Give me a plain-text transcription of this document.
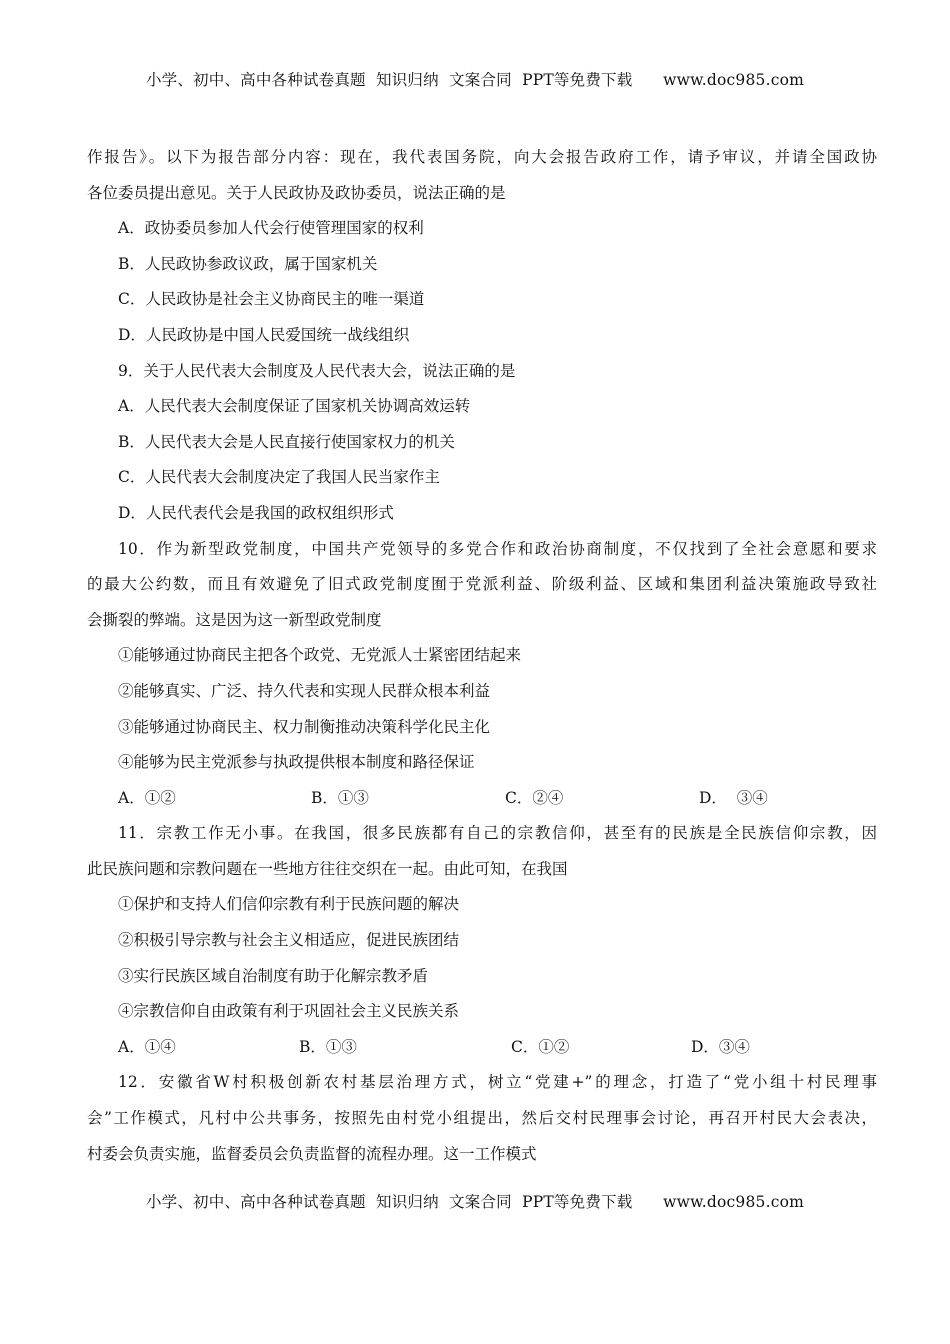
小学、初中、高中各种试卷真题  知识归纳  文案合同  PPT等免费下载      www.doc985.com
作报告》。以下为报告部分内容：现在，我代表国务院，向大会报告政府工作，请予审议，并请全国政协
各位委员提出意见。关于人民政协及政协委员，说法正确的是
A．政协委员参加人代会行使管理国家的权利
B．人民政协参政议政，属于国家机关
C．人民政协是社会主义协商民主的唯一渠道
D．人民政协是中国人民爱国统一战线组织
9．关于人民代表大会制度及人民代表大会，说法正确的是
A．人民代表大会制度保证了国家机关协调高效运转
B．人民代表大会是人民直接行使国家权力的机关
C．人民代表大会制度决定了我国人民当家作主
D．人民代表代会是我国的政权组织形式
10．作为新型政党制度，中国共产党领导的多党合作和政治协商制度，不仅找到了全社会意愿和要求
的最大公约数，而且有效避免了旧式政党制度囿于党派利益、阶级利益、区域和集团利益决策施政导致社
会撕裂的弊端。这是因为这一新型政党制度
①能够通过协商民主把各个政党、无党派人士紧密团结起来
②能够真实、广泛、持久代表和实现人民群众根本利益
③能够通过协商民主、权力制衡推动决策科学化民主化
④能够为民主党派参与执政提供根本制度和路径保证
A．①②	B．①③	C．②④	D．  ③④
11．宗教工作无小事。在我国，很多民族都有自己的宗教信仰，甚至有的民族是全民族信仰宗教，因
此民族问题和宗教问题在一些地方往往交织在一起。由此可知，在我国
①保护和支持人们信仰宗教有利于民族问题的解决
②积极引导宗教与社会主义相适应，促进民族团结
③实行民族区域自治制度有助于化解宗教矛盾
④宗教信仰自由政策有利于巩固社会主义民族关系
A．①④	B．①③	C．①②	D．③④
12．安徽省W村积极创新农村基层治理方式，树立“党建+”的理念，打造了“党小组十村民理事
会”工作模式，凡村中公共事务，按照先由村党小组提出，然后交村民理事会讨论，再召开村民大会表决，
村委会负责实施，监督委员会负责监督的流程办理。这一工作模式
小学、初中、高中各种试卷真题  知识归纳  文案合同  PPT等免费下载      www.doc985.com
